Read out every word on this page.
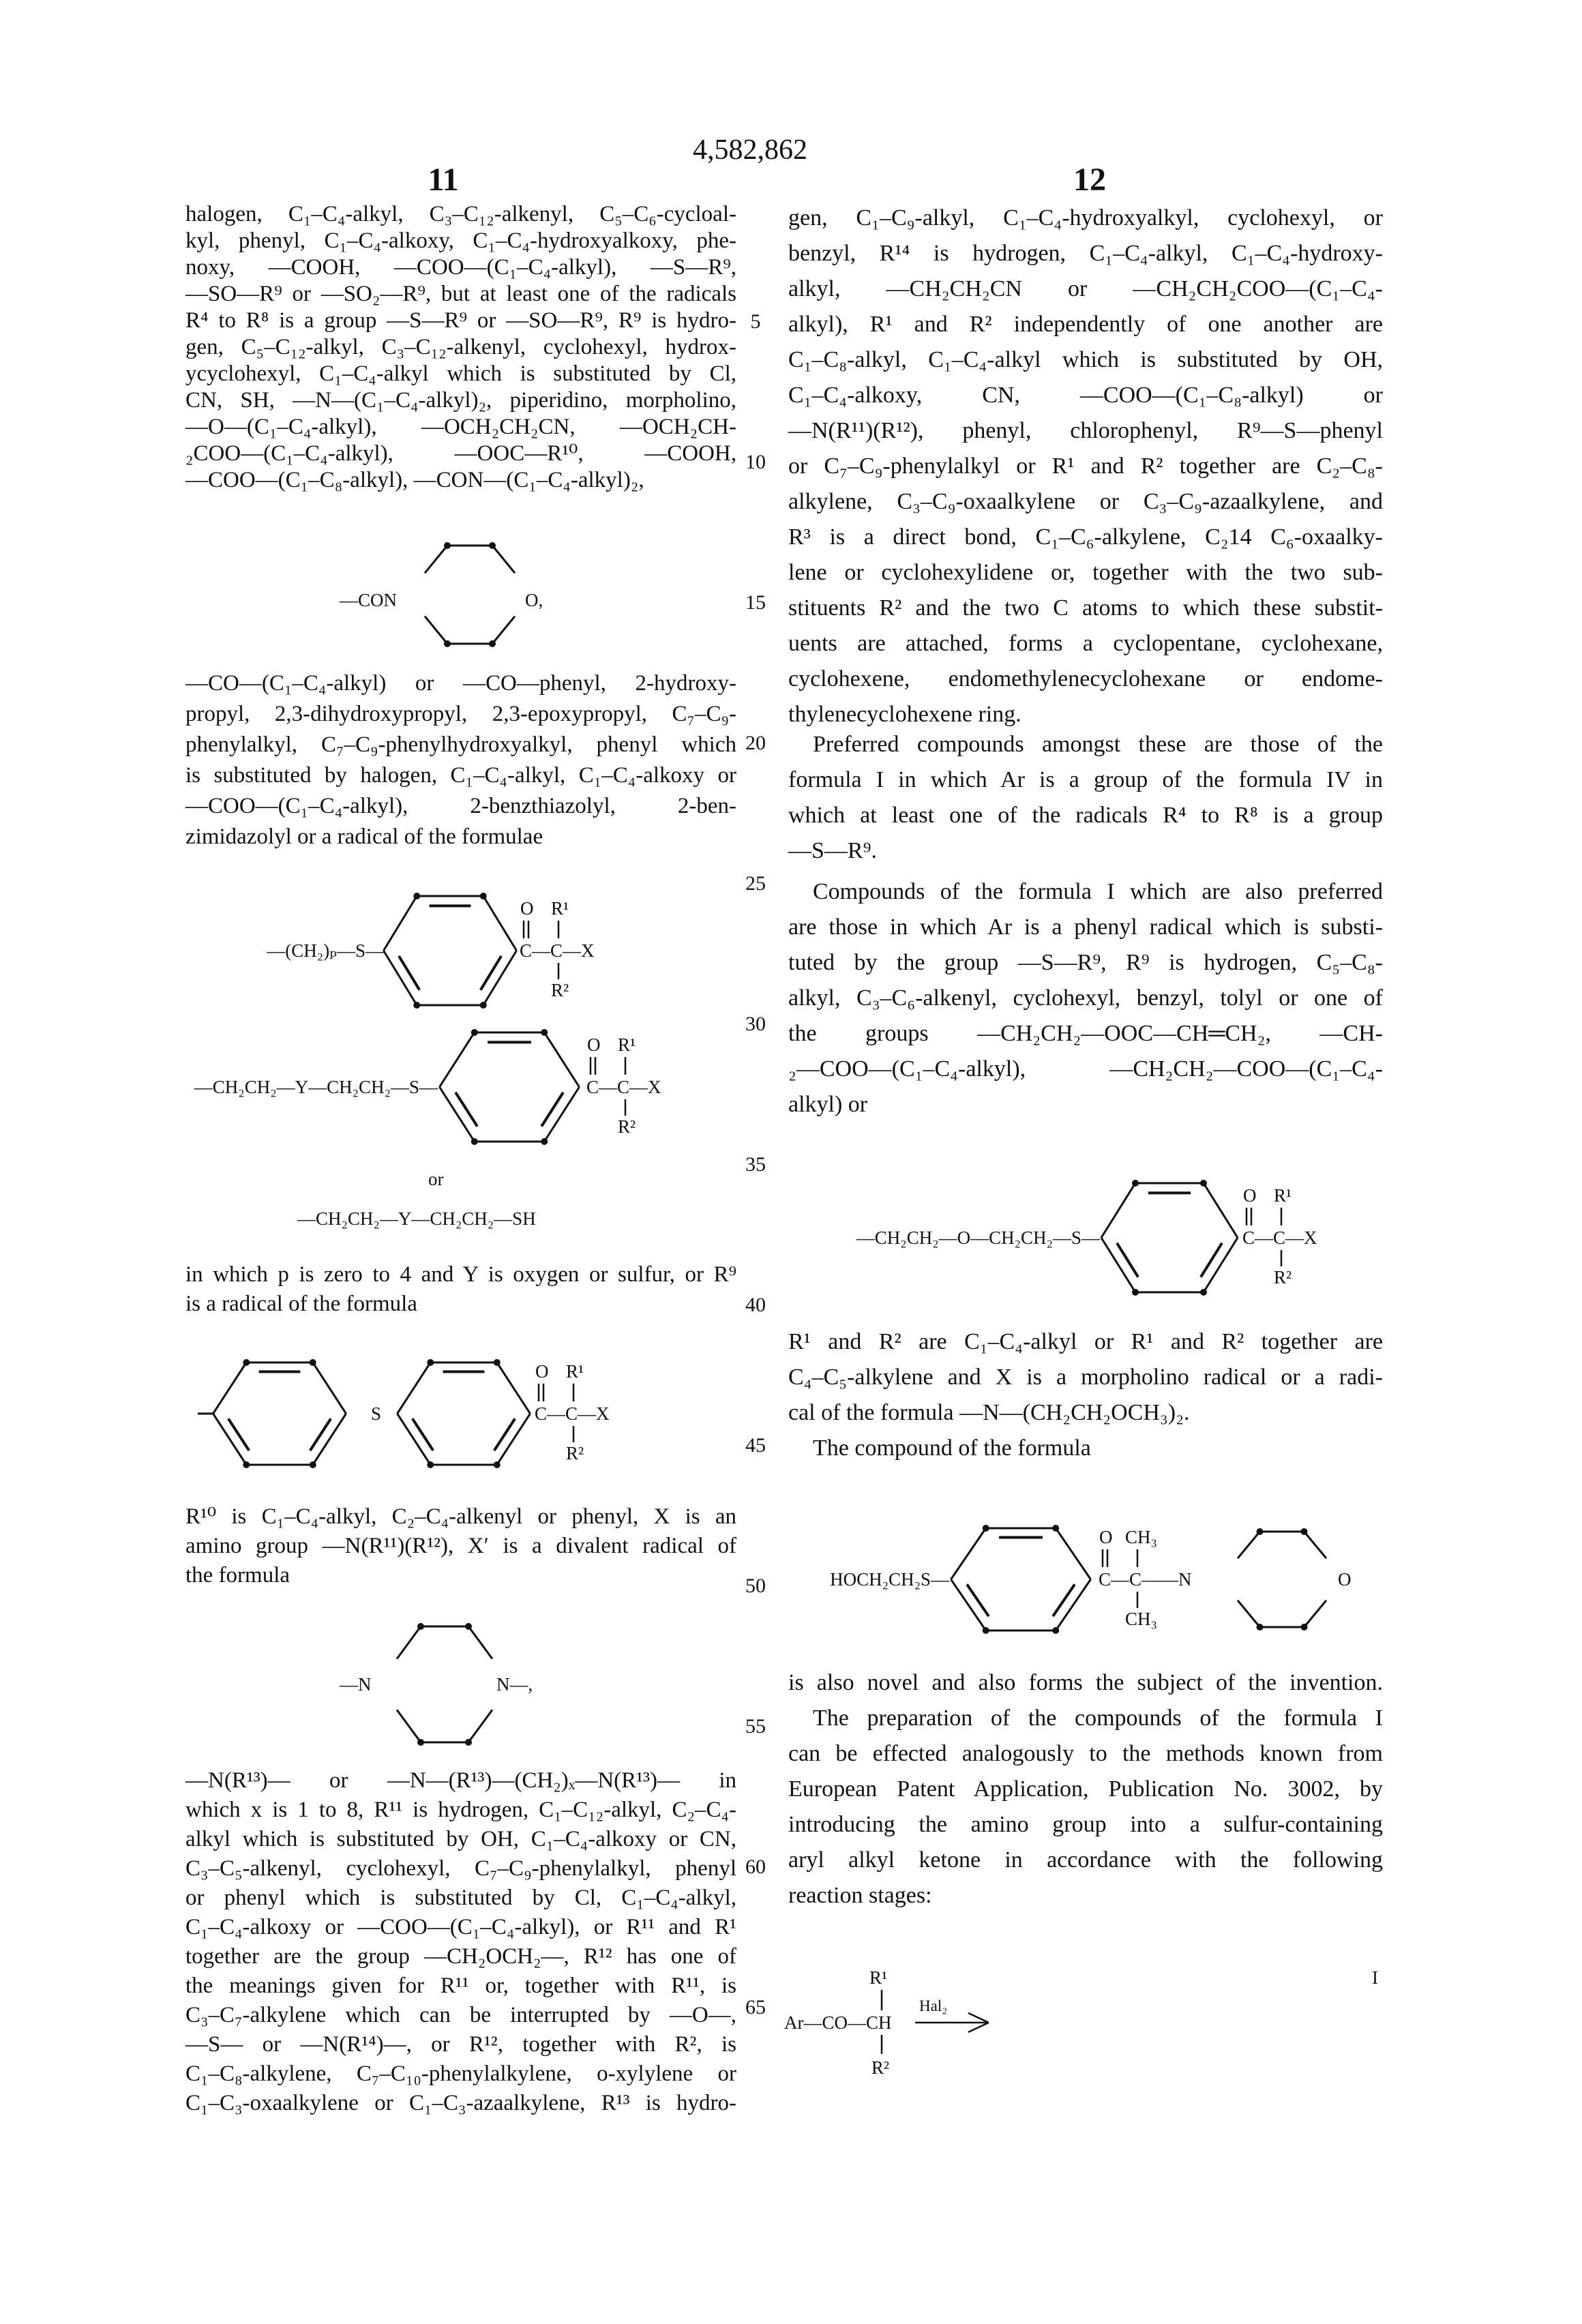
4,582,862
11	12
halogen, C₁–C₄-alkyl, C₃–C₁₂-alkenyl, C₅–C₆-cycloal-
kyl, phenyl, C₁–C₄-alkoxy, C₁–C₄-hydroxyalkoxy, phe-
noxy, —COOH, —COO—(C₁–C₄-alkyl), —S—R⁹,
—SO—R⁹ or —SO₂—R⁹, but at least one of the radicals
R⁴ to R⁸ is a group —S—R⁹ or —SO—R⁹, R⁹ is hydro-
gen, C₅–C₁₂-alkyl, C₃–C₁₂-alkenyl, cyclohexyl, hydrox-
ycyclohexyl, C₁–C₄-alkyl which is substituted by Cl,
CN, SH, —N—(C₁–C₄-alkyl)₂, piperidino, morpholino,
—O—(C₁–C₄-alkyl), —OCH₂CH₂CN, —OCH₂CH-
₂COO—(C₁–C₄-alkyl), —OOC—R¹⁰, —COOH,
—COO—(C₁–C₈-alkyl), —CON—(C₁–C₄-alkyl)₂,
—CO—(C₁–C₄-alkyl) or —CO—phenyl, 2-hydroxy-
propyl, 2,3-dihydroxypropyl, 2,3-epoxypropyl, C₇–C₉-
phenylalkyl, C₇–C₉-phenylhydroxyalkyl, phenyl which
is substituted by halogen, C₁–C₄-alkyl, C₁–C₄-alkoxy or
—COO—(C₁–C₄-alkyl), 2-benzthiazolyl, 2-ben-
zimidazolyl or a radical of the formulae
in which p is zero to 4 and Y is oxygen or sulfur, or R⁹
is a radical of the formula
R¹⁰ is C₁–C₄-alkyl, C₂–C₄-alkenyl or phenyl, X is an
amino group —N(R¹¹)(R¹²), X′ is a divalent radical of
the formula
—N(R¹³)— or —N—(R¹³)—(CH₂)ₓ—N(R¹³)— in
which x is 1 to 8, R¹¹ is hydrogen, C₁–C₁₂-alkyl, C₂–C₄-
alkyl which is substituted by OH, C₁–C₄-alkoxy or CN,
C₃–C₅-alkenyl, cyclohexyl, C₇–C₉-phenylalkyl, phenyl
or phenyl which is substituted by Cl, C₁–C₄-alkyl,
C₁–C₄-alkoxy or —COO—(C₁–C₄-alkyl), or R¹¹ and R¹
together are the group —CH₂OCH₂—, R¹² has one of
the meanings given for R¹¹ or, together with R¹¹, is
C₃–C₇-alkylene which can be interrupted by —O—,
—S— or —N(R¹⁴)—, or R¹², together with R², is
C₁–C₈-alkylene, C₇–C₁₀-phenylalkylene, o-xylylene or
C₁–C₃-oxaalkylene or C₁–C₃-azaalkylene, R¹³ is hydro-
gen, C₁–C₉-alkyl, C₁–C₄-hydroxyalkyl, cyclohexyl, or
benzyl, R¹⁴ is hydrogen, C₁–C₄-alkyl, C₁–C₄-hydroxy-
alkyl, —CH₂CH₂CN or —CH₂CH₂COO—(C₁–C₄-
alkyl), R¹ and R² independently of one another are
C₁–C₈-alkyl, C₁–C₄-alkyl which is substituted by OH,
C₁–C₄-alkoxy, CN, —COO—(C₁–C₈-alkyl) or
—N(R¹¹)(R¹²), phenyl, chlorophenyl, R⁹—S—phenyl
or C₇–C₉-phenylalkyl or R¹ and R² together are C₂–C₈-
alkylene, C₃–C₉-oxaalkylene or C₃–C₉-azaalkylene, and
R³ is a direct bond, C₁–C₆-alkylene, C₂14 C₆-oxaalky-
lene or cyclohexylidene or, together with the two sub-
stituents R² and the two C atoms to which these substit-
uents are attached, forms a cyclopentane, cyclohexane,
cyclohexene, endomethylenecyclohexane or endome-
thylenecyclohexene ring.
Preferred compounds amongst these are those of the
formula I in which Ar is a group of the formula IV in
which at least one of the radicals R⁴ to R⁸ is a group
—S—R⁹.
Compounds of the formula I which are also preferred
are those in which Ar is a phenyl radical which is substi-
tuted by the group —S—R⁹, R⁹ is hydrogen, C₅–C₈-
alkyl, C₃–C₆-alkenyl, cyclohexyl, benzyl, tolyl or one of
the groups —CH₂CH₂—OOC—CH═CH₂, —CH-
₂—COO—(C₁–C₄-alkyl), —CH₂CH₂—COO—(C₁–C₄-
alkyl) or
R¹ and R² are C₁–C₄-alkyl or R¹ and R² together are
C₄–C₅-alkylene and X is a morpholino radical or a radi-
cal of the formula —N—(CH₂CH₂OCH₃)₂.
The compound of the formula
is also novel and also forms the subject of the invention.
The preparation of the compounds of the formula I
can be effected analogously to the methods known from
European Patent Application, Publication No. 3002, by
introducing the amino group into a sulfur-containing
aryl alkyl ketone in accordance with the following
reaction stages:
5
10
15
20
25
30
35
40
45
50
55
60
65
—CON	O,
—(CH₂)ₚ—S—	C—C—X
O R¹
R²
—CH₂CH₂—Y—CH₂CH₂—S—	C—C—X
O R¹
R²
or
—CH₂CH₂—Y—CH₂CH₂—SH
S	C—C—X
O R¹
R²
—N	N—,
—CH₂CH₂—O—CH₂CH₂—S—	C—C—X
O R¹
R²
HOCH₂CH₂S—	C—C——N
O CH₃
CH₃
O
R¹
Ar—CO—CH
Hal₂
R²
I
